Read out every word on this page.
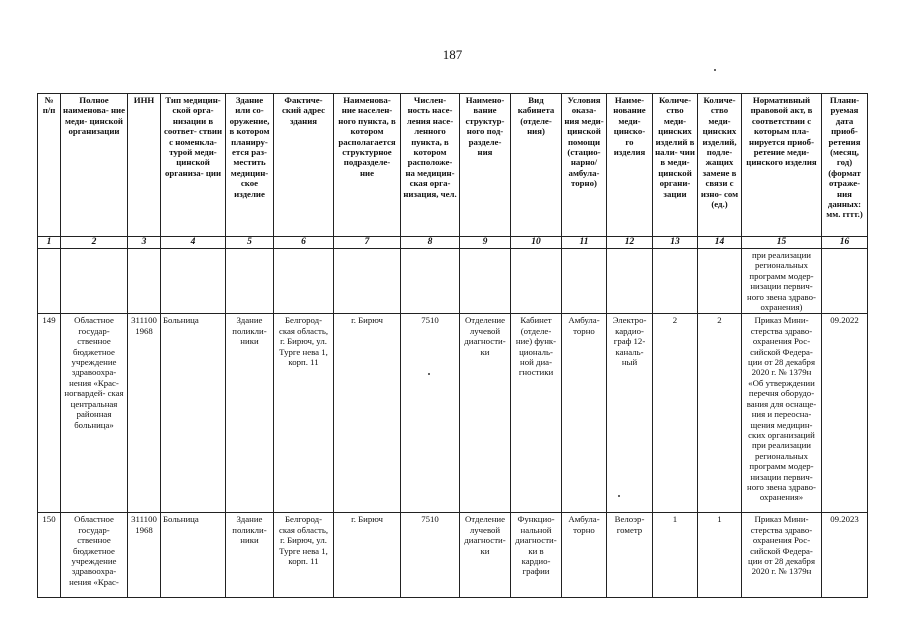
187
№ п/п	Полное наименова- ние меди- цинской организации	ИНН	Тип медицин- ской орга- низации в соответ- ствии с номенкла- турой меди- цинской организа- ции	Здание или со- оружение, в котором планиру- ется раз- местить медицин- ское изделие	Фактиче- ский адрес здания	Наименова- ние населен- ного пункта, в котором располагается структурное подразделе- ние	Числен- ность насе- ления насе- ленного пункта, в котором расположе- на медицин- ская орга- низация, чел.	Наимено- вание структур- ного под- разделе- ния	Вид кабинета (отделе- ния)	Условия оказа- ния меди- цинской помощи (стацио- нарно/ амбула- торно)	Наиме- нование меди- цинско- го изделия	Количе- ство меди- цинских изделий в нали- чии в меди- цинской органи- зации	Количе- ство меди- цинских изделий, подле- жащих замене в связи с изно- сом (ед.)	Нормативный правовой акт, в соответствии с которым пла- нируется приоб- ретение меди- цинского изделия	Плани- руемая дата приоб- ретения (месяц, год) (формат отраже- ния данных: мм. гггг.)
1	2	3	4	5	6	7	8	9	10	11	12	13	14	15	16
														при реализации региональных программ модер- низации первич- ного звена здраво- охранения)	
149	Областное государ- ственное бюджетное учреждение здравоохра- нения «Крас- ногвардей- ская центральная районная больница»	311100 1968	Больница	Здание поликли- ники	Белгород- ская область, г. Бирюч, ул. Турге нева 1, корп. 11	г. Бирюч	7510	Отделение лучевой диагности- ки	Кабинет (отделе- ние) функ- циональ- ной диа- гностики	Амбула- торно	Электро- кардио- граф 12- каналь- ный	2	2	Приказ Мини- стерства здраво- охранения Рос- сийской Федера- ции от 28 декабря 2020 г. № 1379н «Об утверждении перечня оборудо- вания для оснаще- ния и переосна- щения медицин- ских организаций при реализации региональных программ модер- низации первич- ного звена здраво- охранения»	09.2022
150	Областное государ- ственное бюджетное учреждение здравоохра- нения «Крас-	311100 1968	Больница	Здание поликли- ники	Белгород- ская область, г. Бирюч, ул. Турге нева 1, корп. 11	г. Бирюч	7510	Отделение лучевой диагности- ки	Функцио- нальной диагности- ки в кардио- графии	Амбула- торно	Велоэр- гометр	1	1	Приказ Мини- стерства здраво- охранения Рос- сийской Федера- ции от 28 декабря 2020 г. № 1379н	09.2023
